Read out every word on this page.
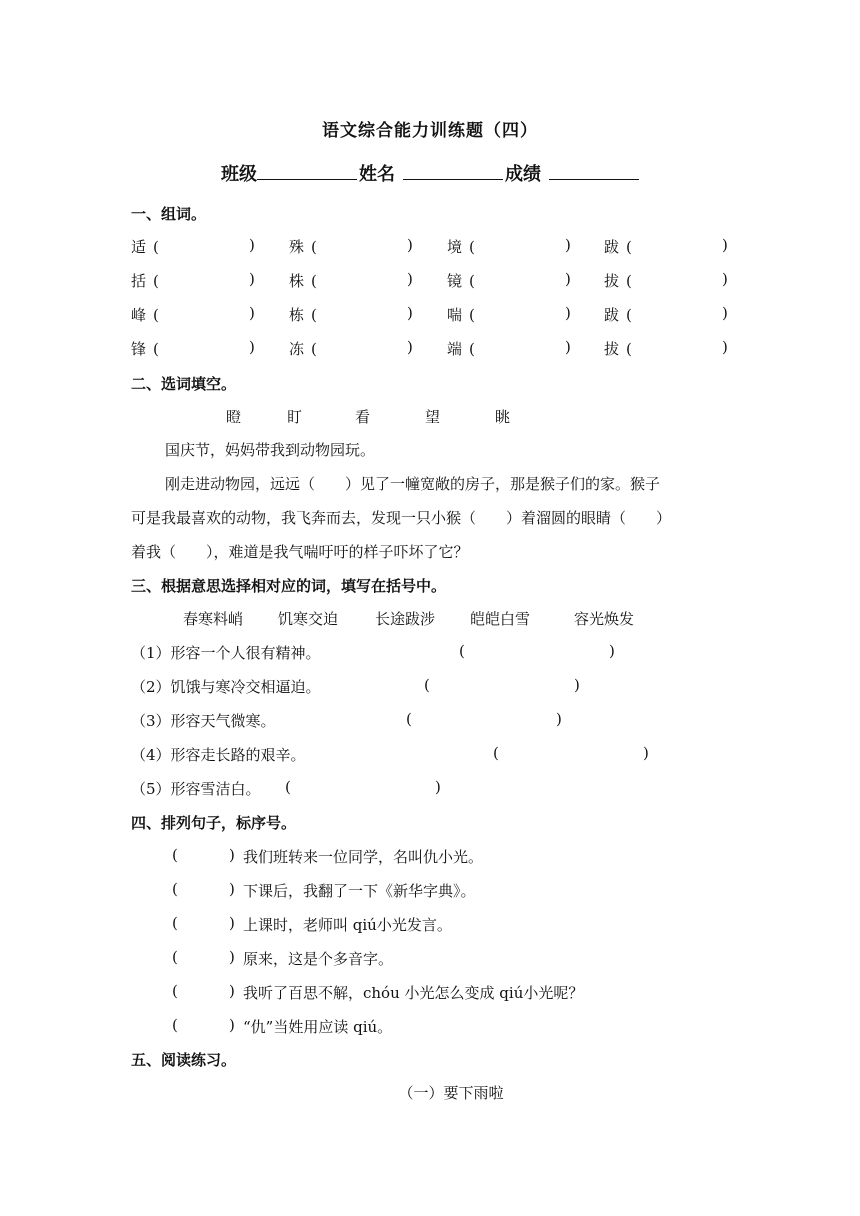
语文综合能力训练题（四）
班级	姓名	成绩
一、组词。
适 (	) 殊 (	) 境 (	) 跋 (	)
括 (	) 株 (	) 镜 (	) 拔 (	)
峰 (	) 栋 (	) 喘 (	) 跋 (	)
锋 (	) 冻 (	) 端 (	) 拔 (	)
二、选词填空。
瞪	盯	看	望	眺
国庆节，妈妈带我到动物园玩。
刚走进动物园，远远（　　）见了一幢宽敞的房子，那是猴子们的家。猴子
可是我最喜欢的动物，我飞奔而去，发现一只小猴（　　）着溜圆的眼睛（　　）
着我（　　），难道是我气喘吁吁的样子吓坏了它？
三、根据意思选择相对应的词，填写在括号中。
春寒料峭 饥寒交迫 长途跋涉 皑皑白雪	容光焕发
（1）形容一个人很有精神。	(	)
（2）饥饿与寒冷交相逼迫。	(	)
（3）形容天气微寒。	(	)
（4）形容走长路的艰辛。	(	)
（5）形容雪洁白。 (	)
四、排列句子，标序号。
(	) 我们班转来一位同学，名叫仇小光。
(	) 下课后，我翻了一下《新华字典》。
(	) 上课时，老师叫 qiú小光发言。
(	) 原来，这是个多音字。
(	) 我听了百思不解，chóu 小光怎么变成 qiú小光呢？
(	) “仇”当姓用应读 qiú。
五、阅读练习。
（一）要下雨啦
